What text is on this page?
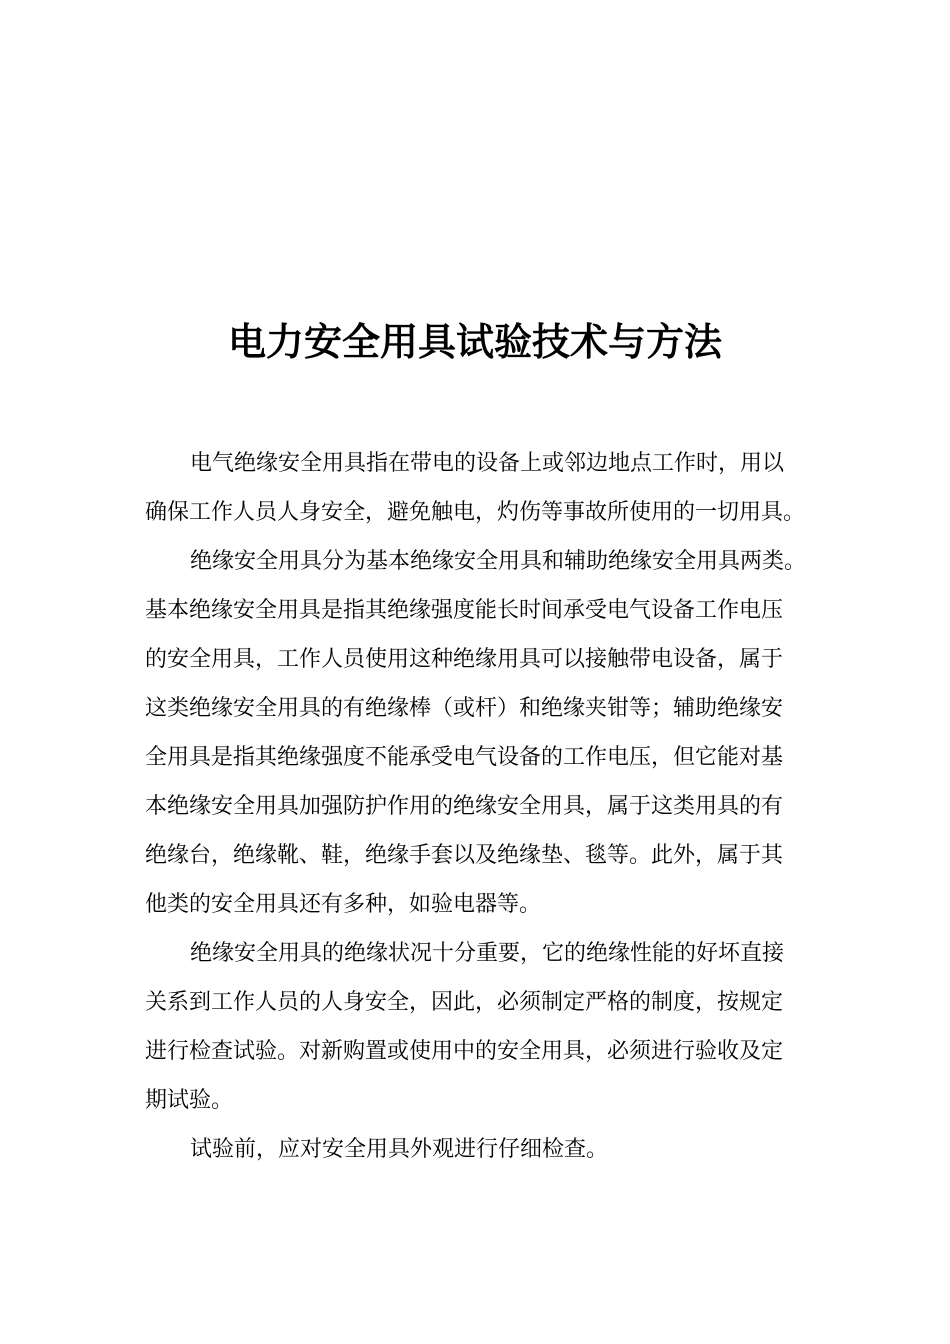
电力安全用具试验技术与方法

电气绝缘安全用具指在带电的设备上或邻边地点工作时，用以

确保工作人员人身安全，避免触电，灼伤等事故所使用的一切用具。

绝缘安全用具分为基本绝缘安全用具和辅助绝缘安全用具两类。

基本绝缘安全用具是指其绝缘强度能长时间承受电气设备工作电压

的安全用具，工作人员使用这种绝缘用具可以接触带电设备，属于

这类绝缘安全用具的有绝缘棒（或杆）和绝缘夹钳等；辅助绝缘安

全用具是指其绝缘强度不能承受电气设备的工作电压，但它能对基

本绝缘安全用具加强防护作用的绝缘安全用具，属于这类用具的有

绝缘台，绝缘靴、鞋，绝缘手套以及绝缘垫、毯等。此外，属于其

他类的安全用具还有多种，如验电器等。

绝缘安全用具的绝缘状况十分重要，它的绝缘性能的好坏直接

关系到工作人员的人身安全，因此，必须制定严格的制度，按规定

进行检查试验。对新购置或使用中的安全用具，必须进行验收及定

期试验。

试验前，应对安全用具外观进行仔细检查。
